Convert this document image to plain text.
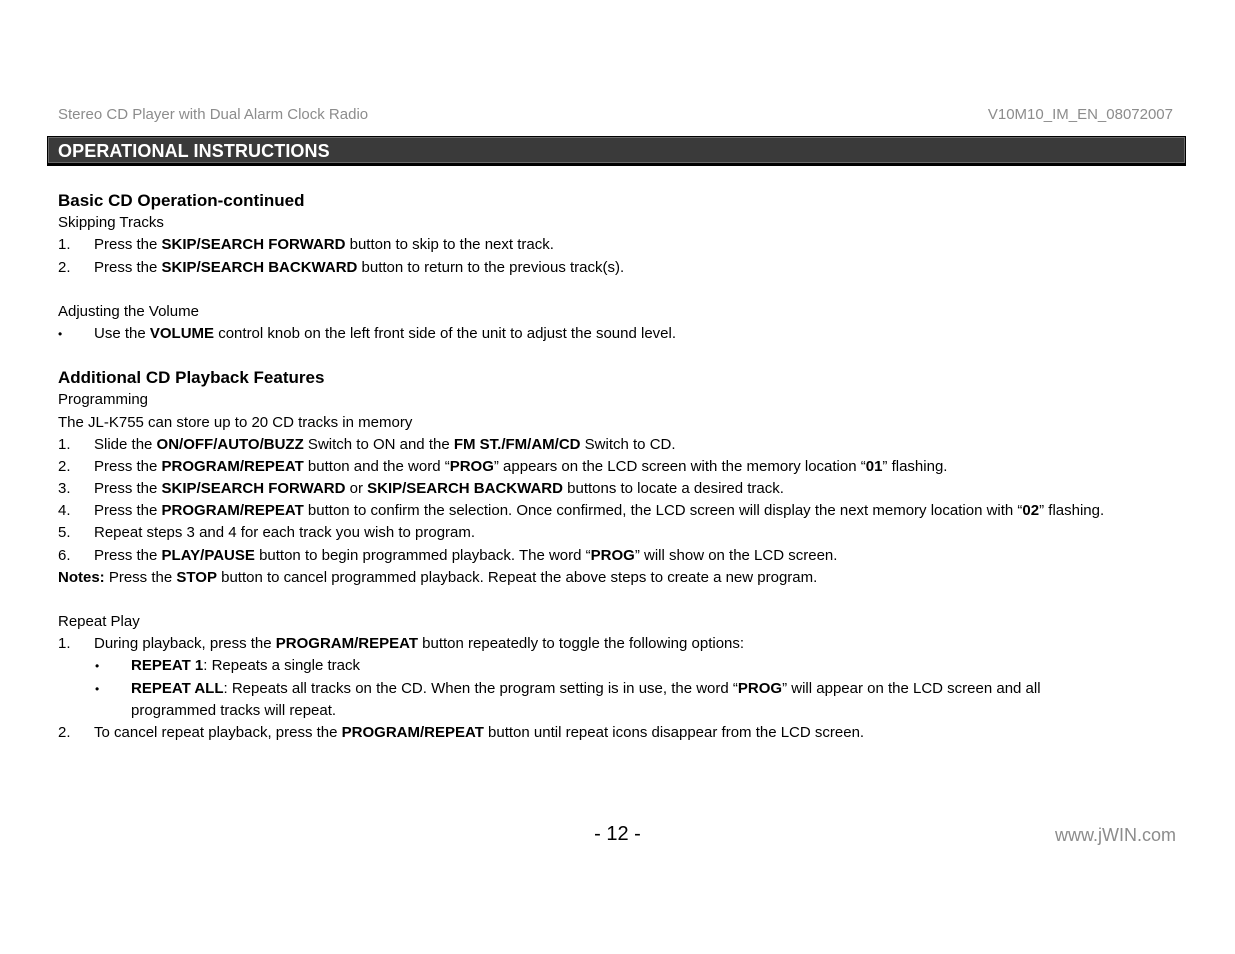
Stereo CD Player with Dual Alarm Clock Radio	V10M10_IM_EN_08072007
OPERATIONAL INSTRUCTIONS
Basic CD Operation-continued
Skipping Tracks
1. Press the SKIP/SEARCH FORWARD button to skip to the next track.
2. Press the SKIP/SEARCH BACKWARD button to return to the previous track(s).
Adjusting the Volume
• Use the VOLUME control knob on the left front side of the unit to adjust the sound level.
Additional CD Playback Features
Programming
The JL-K755 can store up to 20 CD tracks in memory
1. Slide the ON/OFF/AUTO/BUZZ Switch to ON and the FM ST./FM/AM/CD Switch to CD.
2. Press the PROGRAM/REPEAT button and the word “PROG” appears on the LCD screen with the memory location “01” flashing.
3. Press the SKIP/SEARCH FORWARD or SKIP/SEARCH BACKWARD buttons to locate a desired track.
4. Press the PROGRAM/REPEAT button to confirm the selection. Once confirmed, the LCD screen will display the next memory location with “02” flashing.
5. Repeat steps 3 and 4 for each track you wish to program.
6. Press the PLAY/PAUSE button to begin programmed playback. The word “PROG” will show on the LCD screen.
Notes: Press the STOP button to cancel programmed playback. Repeat the above steps to create a new program.
Repeat Play
1. During playback, press the PROGRAM/REPEAT button repeatedly to toggle the following options:
• REPEAT 1: Repeats a single track
• REPEAT ALL: Repeats all tracks on the CD. When the program setting is in use, the word “PROG” will appear on the LCD screen and all
programmed tracks will repeat.
2. To cancel repeat playback, press the PROGRAM/REPEAT button until repeat icons disappear from the LCD screen.
- 12 -	www.jWIN.com
